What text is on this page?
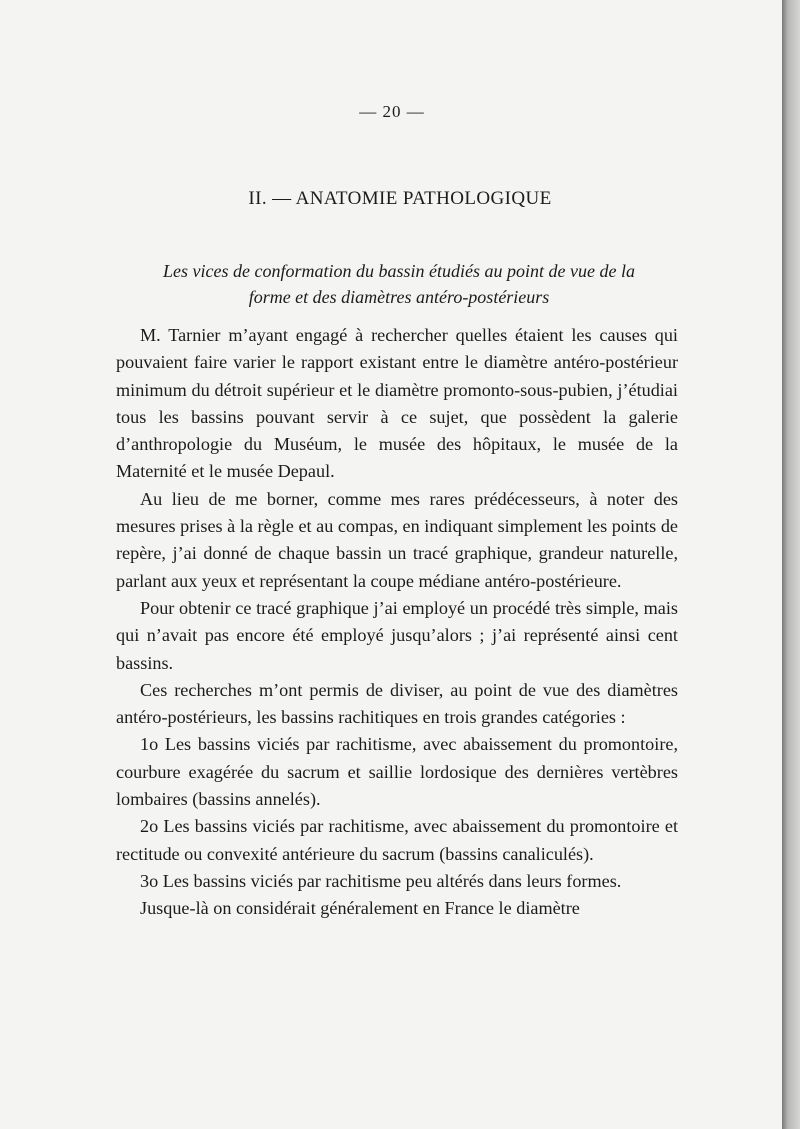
— 20 —
II. — ANATOMIE PATHOLOGIQUE
Les vices de conformation du bassin étudiés au point de vue de la
forme et des diamètres antéro-postérieurs

M. Tarnier m’ayant engagé à rechercher quelles étaient les causes qui pouvaient faire varier le rapport existant entre le diamètre antéro-postérieur minimum du détroit supérieur et le diamètre promonto-sous-pubien, j’étudiai tous les bassins pouvant servir à ce sujet, que possèdent la galerie d’anthropologie du Muséum, le musée des hôpitaux, le musée de la Maternité et le musée Depaul.

Au lieu de me borner, comme mes rares prédécesseurs, à noter des mesures prises à la règle et au compas, en indiquant simplement les points de repère, j’ai donné de chaque bassin un tracé graphique, grandeur naturelle, parlant aux yeux et représentant la coupe médiane antéro-postérieure.

Pour obtenir ce tracé graphique j’ai employé un procédé très simple, mais qui n’avait pas encore été employé jusqu’alors ; j’ai représenté ainsi cent bassins.

Ces recherches m’ont permis de diviser, au point de vue des diamètres antéro-postérieurs, les bassins rachitiques en trois grandes catégories :

1o Les bassins viciés par rachitisme, avec abaissement du promontoire, courbure exagérée du sacrum et saillie lordosique des dernières vertèbres lombaires (bassins annelés).

2o Les bassins viciés par rachitisme, avec abaissement du promontoire et rectitude ou convexité antérieure du sacrum (bassins canaliculés).

3o Les bassins viciés par rachitisme peu altérés dans leurs formes.

Jusque-là on considérait généralement en France le diamètre
